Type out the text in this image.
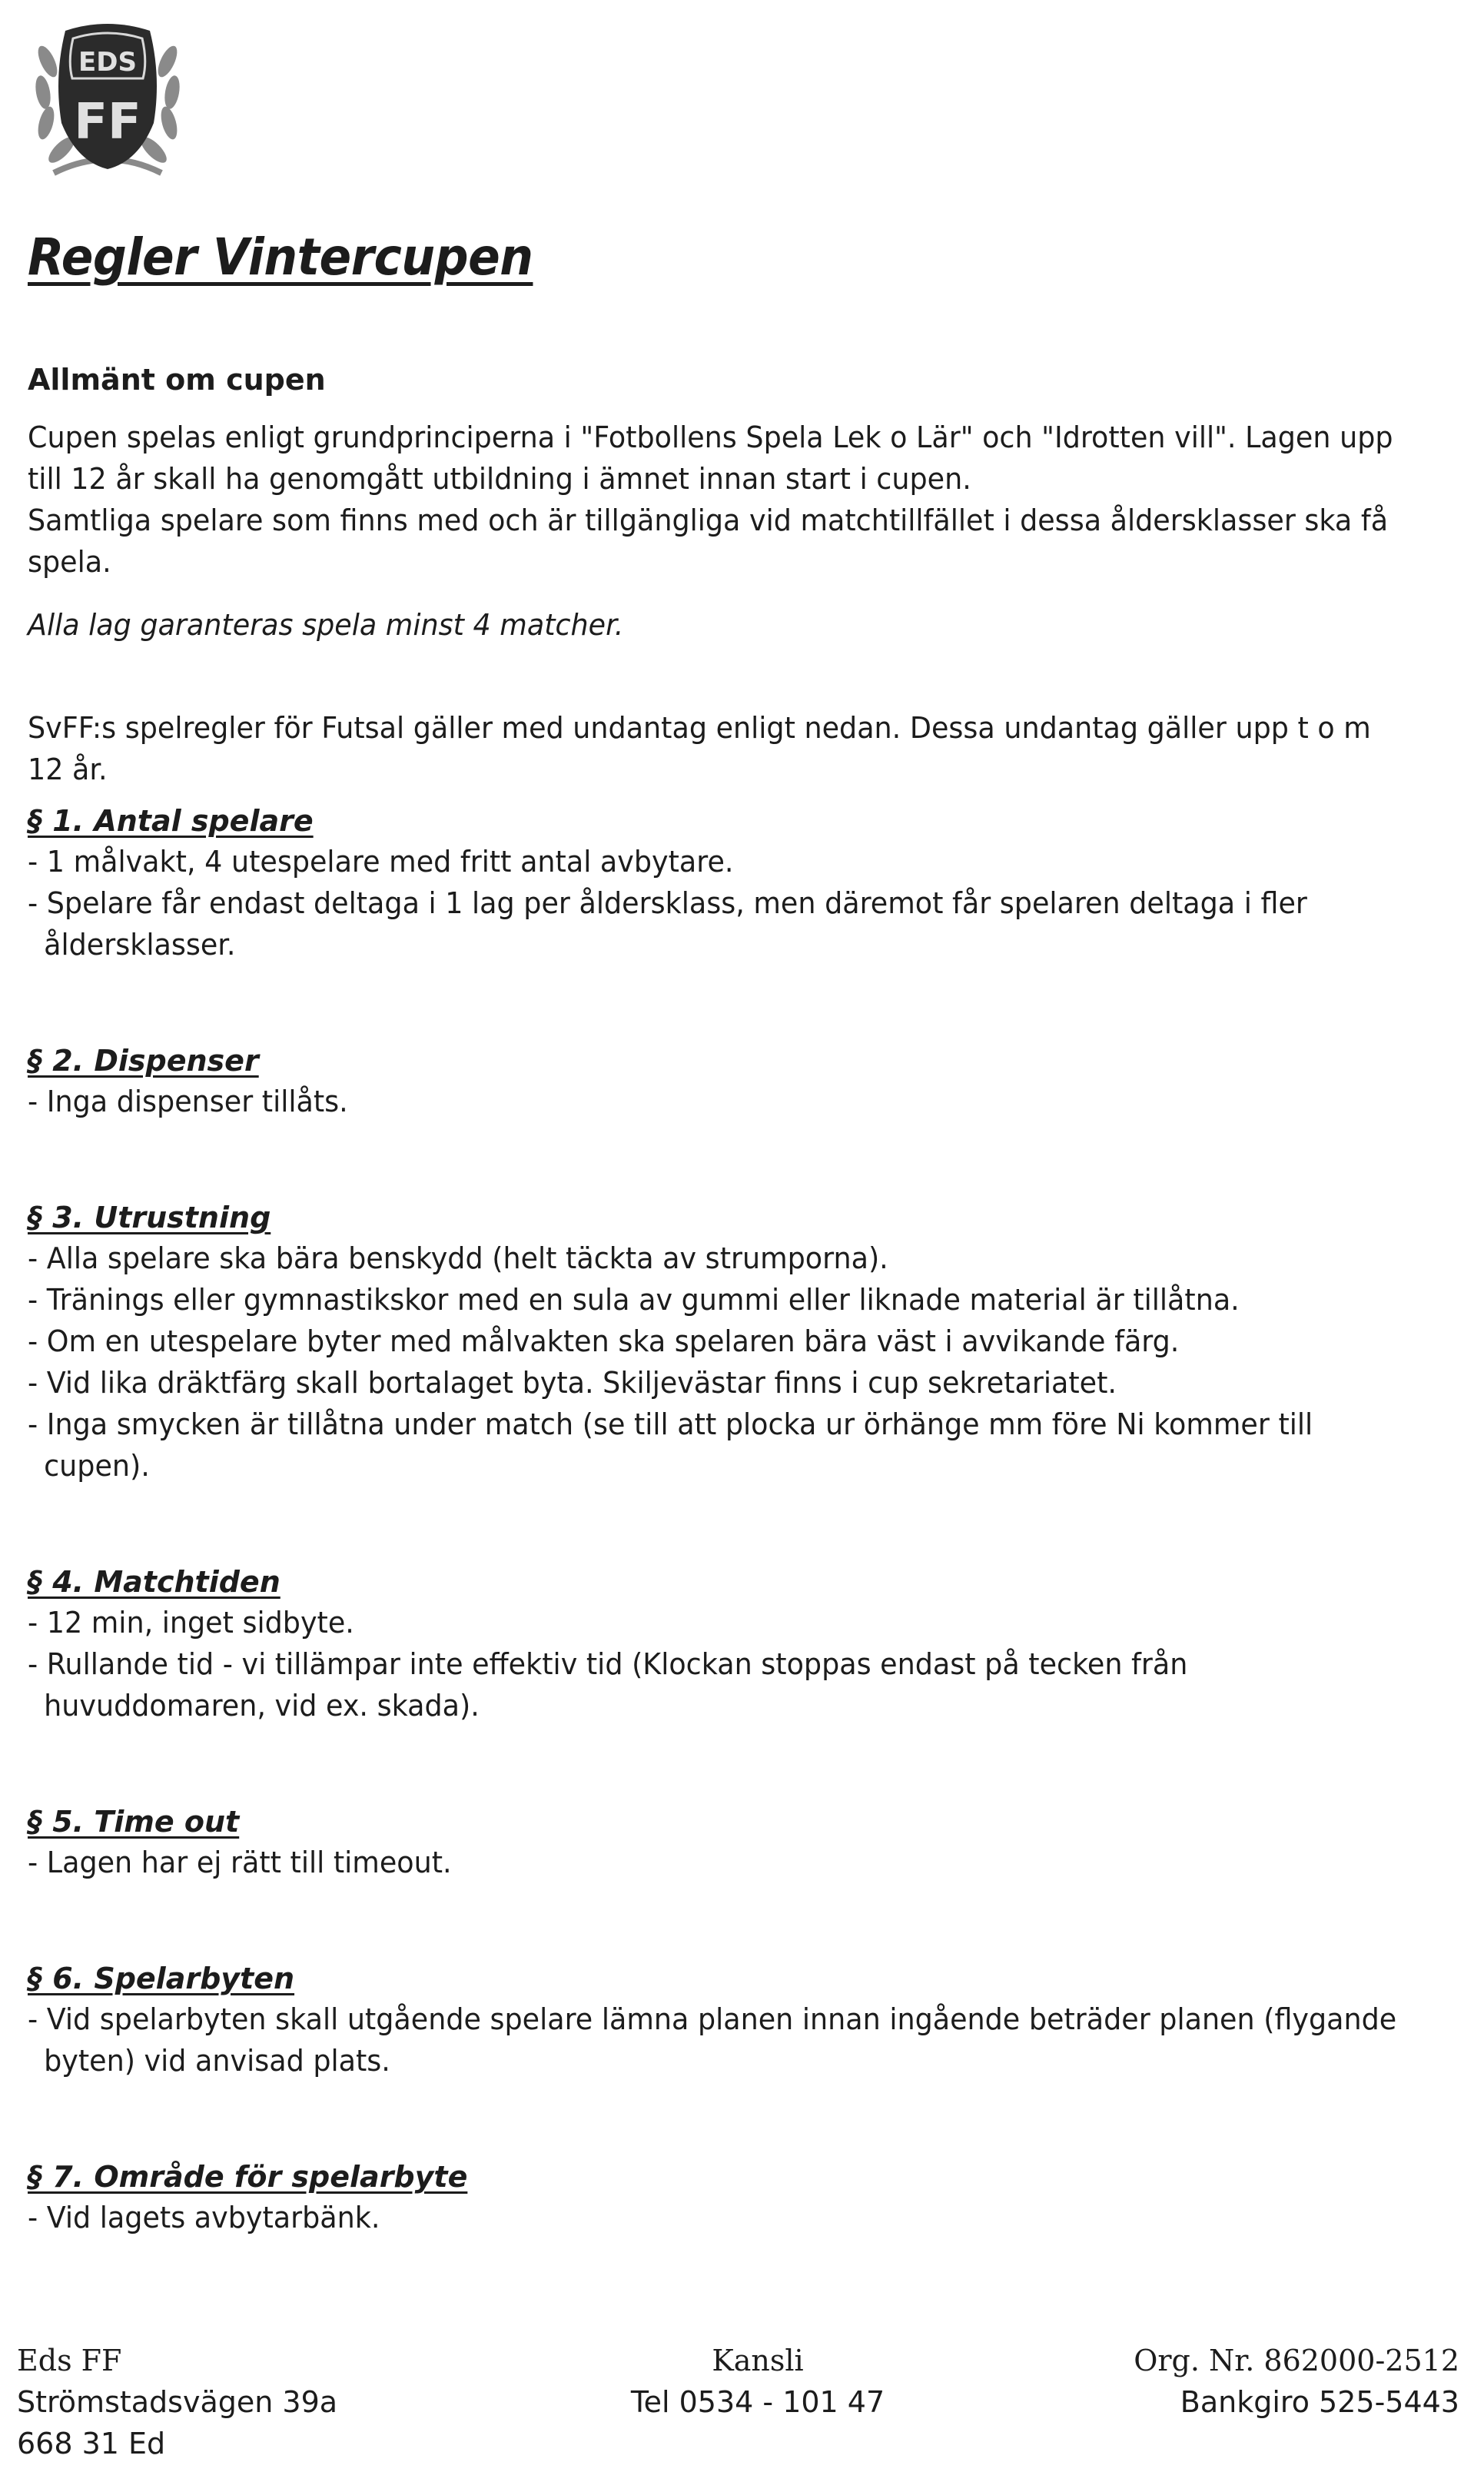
EDS
FF
Regler Vintercupen
Allmänt om cupen

Cupen spelas enligt grundprinciperna i "Fotbollens Spela Lek o Lär" och "Idrotten vill". Lagen upp till 12 år skall ha genomgått utbildning i ämnet innan start i cupen.

Samtliga spelare som finns med och är tillgängliga vid matchtillfället i dessa åldersklasser ska få spela.

Alla lag garanteras spela minst 4 matcher.

SvFF:s spelregler för Futsal gäller med undantag enligt nedan. Dessa undantag gäller upp t o m 12 år.

§ 1. Antal spelare
- 1 målvakt, 4 utespelare med fritt antal avbytare.
- Spelare får endast deltaga i 1 lag per åldersklass, men däremot får spelaren deltaga i fler åldersklasser.
§ 2. Dispenser
- Inga dispenser tillåts.
§ 3. Utrustning
- Alla spelare ska bära benskydd (helt täckta av strumporna).
- Tränings eller gymnastikskor med en sula av gummi eller liknade material är tillåtna.
- Om en utespelare byter med målvakten ska spelaren bära väst i avvikande färg.
- Vid lika dräktfärg skall bortalaget byta. Skiljevästar finns i cup sekretariatet.
- Inga smycken är tillåtna under match (se till att plocka ur örhänge mm före Ni kommer till cupen).
§ 4. Matchtiden
- 12 min, inget sidbyte.
- Rullande tid - vi tillämpar inte effektiv tid (Klockan stoppas endast på tecken från huvuddomaren, vid ex. skada).
§ 5. Time out
- Lagen har ej rätt till timeout.
§ 6. Spelarbyten
- Vid spelarbyten skall utgående spelare lämna planen innan ingående beträder planen (flygande byten) vid anvisad plats.
§ 7. Område för spelarbyte
- Vid lagets avbytarbänk.
Eds FF
Strömstadsvägen 39a
668 31 Ed
Kansli
Tel 0534 - 101 47
Org. Nr. 862000-2512
Bankgiro 525-5443
